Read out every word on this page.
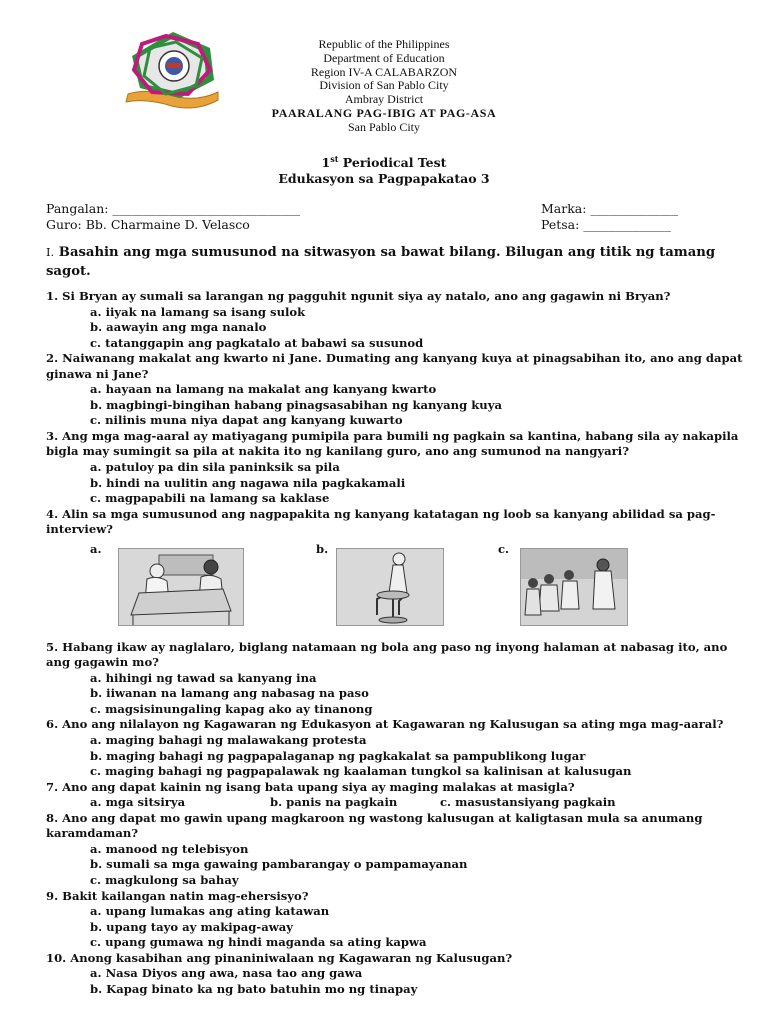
Republic of the Philippines
Department of Education
Region IV-A CALABARZON
Division of San Pablo City
Ambray District
PAARALANG PAG-IBIG AT PAG-ASA
San Pablo City
1st Periodical Test
Edukasyon sa Pagpapakatao 3
Pangalan: ______________________________	Marka: ______________
Guro: Bb. Charmaine D. Velasco	Petsa: ______________
I. Basahin ang mga sumusunod na sitwasyon sa bawat bilang. Bilugan ang titik ng tamang sagot.
1. Si Bryan ay sumali sa larangan ng pagguhit ngunit siya ay natalo, ano ang gagawin ni Bryan?
a. iiyak na lamang sa isang sulok
b. aawayin ang mga nanalo
c. tatanggapin ang pagkatalo at babawi sa susunod
2. Naiwanang makalat ang kwarto ni Jane. Dumating ang kanyang kuya at pinagsabihan ito, ano ang dapat ginawa ni Jane?
a. hayaan na lamang na makalat ang kanyang kwarto
b. magbingi-bingihan habang pinagsasabihan ng kanyang kuya
c. nilinis muna niya dapat ang kanyang kuwarto
3. Ang mga mag-aaral ay matiyagang pumipila para bumili ng pagkain sa kantina, habang sila ay nakapila bigla may sumingit sa pila at nakita ito ng kanilang guro, ano ang sumunod na nangyari?
a. patuloy pa din sila paninksik sa pila
b. hindi na uulitin ang nagawa nila pagkakamali
c. magpapabili na lamang sa kaklase
4. Alin sa mga sumusunod ang nagpapakita ng kanyang katatagan ng loob sa kanyang abilidad sa pag-interview?
a.	b.	c.
5. Habang ikaw ay naglalaro, biglang natamaan ng bola ang paso ng inyong halaman at nabasag ito, ano ang gagawin mo?
a. hihingi ng tawad sa kanyang ina
b. iiwanan na lamang ang nabasag na paso
c. magsisinungaling kapag ako ay tinanong
6. Ano ang nilalayon ng Kagawaran ng Edukasyon at Kagawaran ng Kalusugan sa ating mga mag-aaral?
a. maging bahagi ng malawakang protesta
b. maging bahagi ng pagpapalaganap ng pagkakalat sa pampublikong lugar
c. maging bahagi ng pagpapalawak ng kaalaman tungkol sa kalinisan at kalusugan
7. Ano ang dapat kainin ng isang bata upang siya ay maging malakas at masigla?
a. mga sitsirya	b. panis na pagkain	c. masustansiyang pagkain
8. Ano ang dapat mo gawin upang magkaroon ng wastong kalusugan at kaligtasan mula sa anumang karamdaman?
a. manood ng telebisyon
b. sumali sa mga gawaing pambarangay o pampamayanan
c. magkulong sa bahay
9. Bakit kailangan natin mag-ehersisyo?
a. upang lumakas ang ating katawan
b. upang tayo ay makipag-away
c. upang gumawa ng hindi maganda sa ating kapwa
10. Anong kasabihan ang pinaniniwalaan ng Kagawaran ng Kalusugan?
a. Nasa Diyos ang awa, nasa tao ang gawa
b. Kapag binato ka ng bato batuhin mo ng tinapay
